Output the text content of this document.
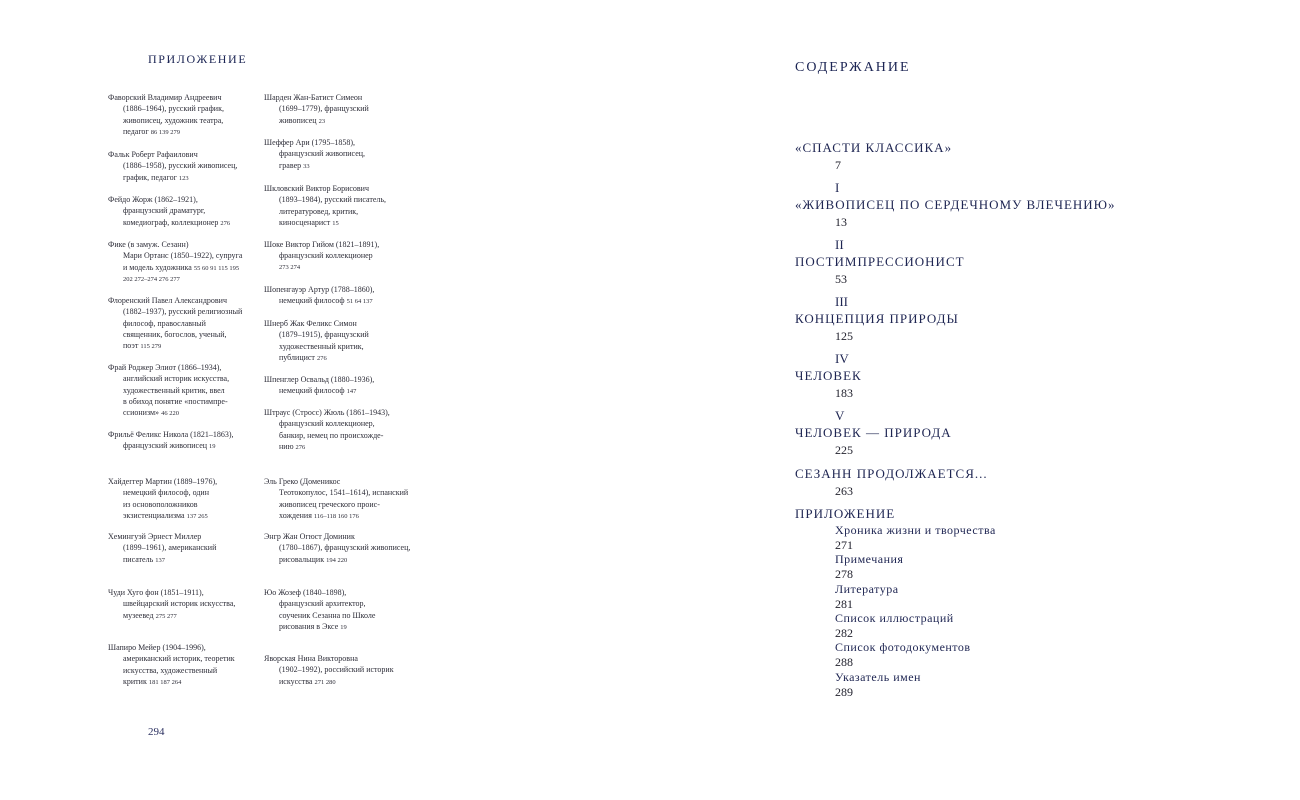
ПРИЛОЖЕНИЕ
Фаворский Владимир Андреевич
(1886–1964), русский график,
живописец, художник театра,
педагог 86 139 279
Фальк Роберт Рафаилович
(1886–1958), русский живописец,
график, педагог 123
Фейдо Жорж (1862–1921),
французский драматург,
комедиограф, коллекционер 276
Фике (в замуж. Сезанн)
Мари Ортанс (1850–1922), супруга
и модель художника 55 60 91 115 195
202 272–274 276 277
Флоренский Павел Александрович
(1882–1937), русский религиозный
философ, православный
священник, богослов, ученый,
поэт 115 279
Фрай Роджер Элиот (1866–1934),
английский историк искусства,
художественный критик, ввел
в обиход понятие «постимпре-
ссионизм» 46 220
Фрильё Феликс Никола (1821–1863),
французский живописец 19
Хайдеггер Мартин (1889–1976),
немецкий философ, один
из основоположников
экзистенциализма 137 265
Хемингуэй Эрнест Миллер
(1899–1961), американский
писатель 137
Чуди Хуго фон (1851–1911),
швейцарский историк искусства,
музеевед 275 277
Шапиро Мейер (1904–1996),
американский историк, теоретик
искусства, художественный
критик 181 187 264
Шарден Жан-Батист Симеон
(1699–1779), французский
живописец 23
Шеффер Ари (1795–1858),
французский живописец,
гравер 33
Шкловский Виктор Борисович
(1893–1984), русский писатель,
литературовед, критик,
киносценарист 15
Шоке Виктор Гийом (1821–1891),
французский коллекционер
273 274
Шопенгауэр Артур (1788–1860),
немецкий философ 51 64 137
Шнерб Жак Феликс Симон
(1879–1915), французский
художественный критик,
публицист 276
Шпенглер Освальд (1880–1936),
немецкий философ 147
Штраус (Стросс) Жюль (1861–1943),
французский коллекционер,
банкир, немец по происхожде-
нию 276
Эль Греко (Доменикос
Теотокопулос, 1541–1614), испанский
живописец греческого проис-
хождения 116–118 160 176
Энгр Жан Огюст Доминик
(1780–1867), французский живописец,
рисовальщик 194 220
Юо Жозеф (1840–1898),
французский архитектор,
соученик Сезанна по Школе
рисования в Эксе 19
Яворская Нина Викторовна
(1902–1992), российский историк
искусства 271 280
294
СОДЕРЖАНИЕ
«СПАСТИ КЛАССИКА»
7
I
«ЖИВОПИСЕЦ ПО СЕРДЕЧНОМУ ВЛЕЧЕНИЮ»
13
II
ПОСТИМПРЕССИОНИСТ
53
III
КОНЦЕПЦИЯ ПРИРОДЫ
125
IV
ЧЕЛОВЕК
183
V
ЧЕЛОВЕК — ПРИРОДА
225
СЕЗАНН ПРОДОЛЖАЕТСЯ...
263
ПРИЛОЖЕНИЕ
Хроника жизни и творчества
271
Примечания
278
Литература
281
Список иллюстраций
282
Список фотодокументов
288
Указатель имен
289
